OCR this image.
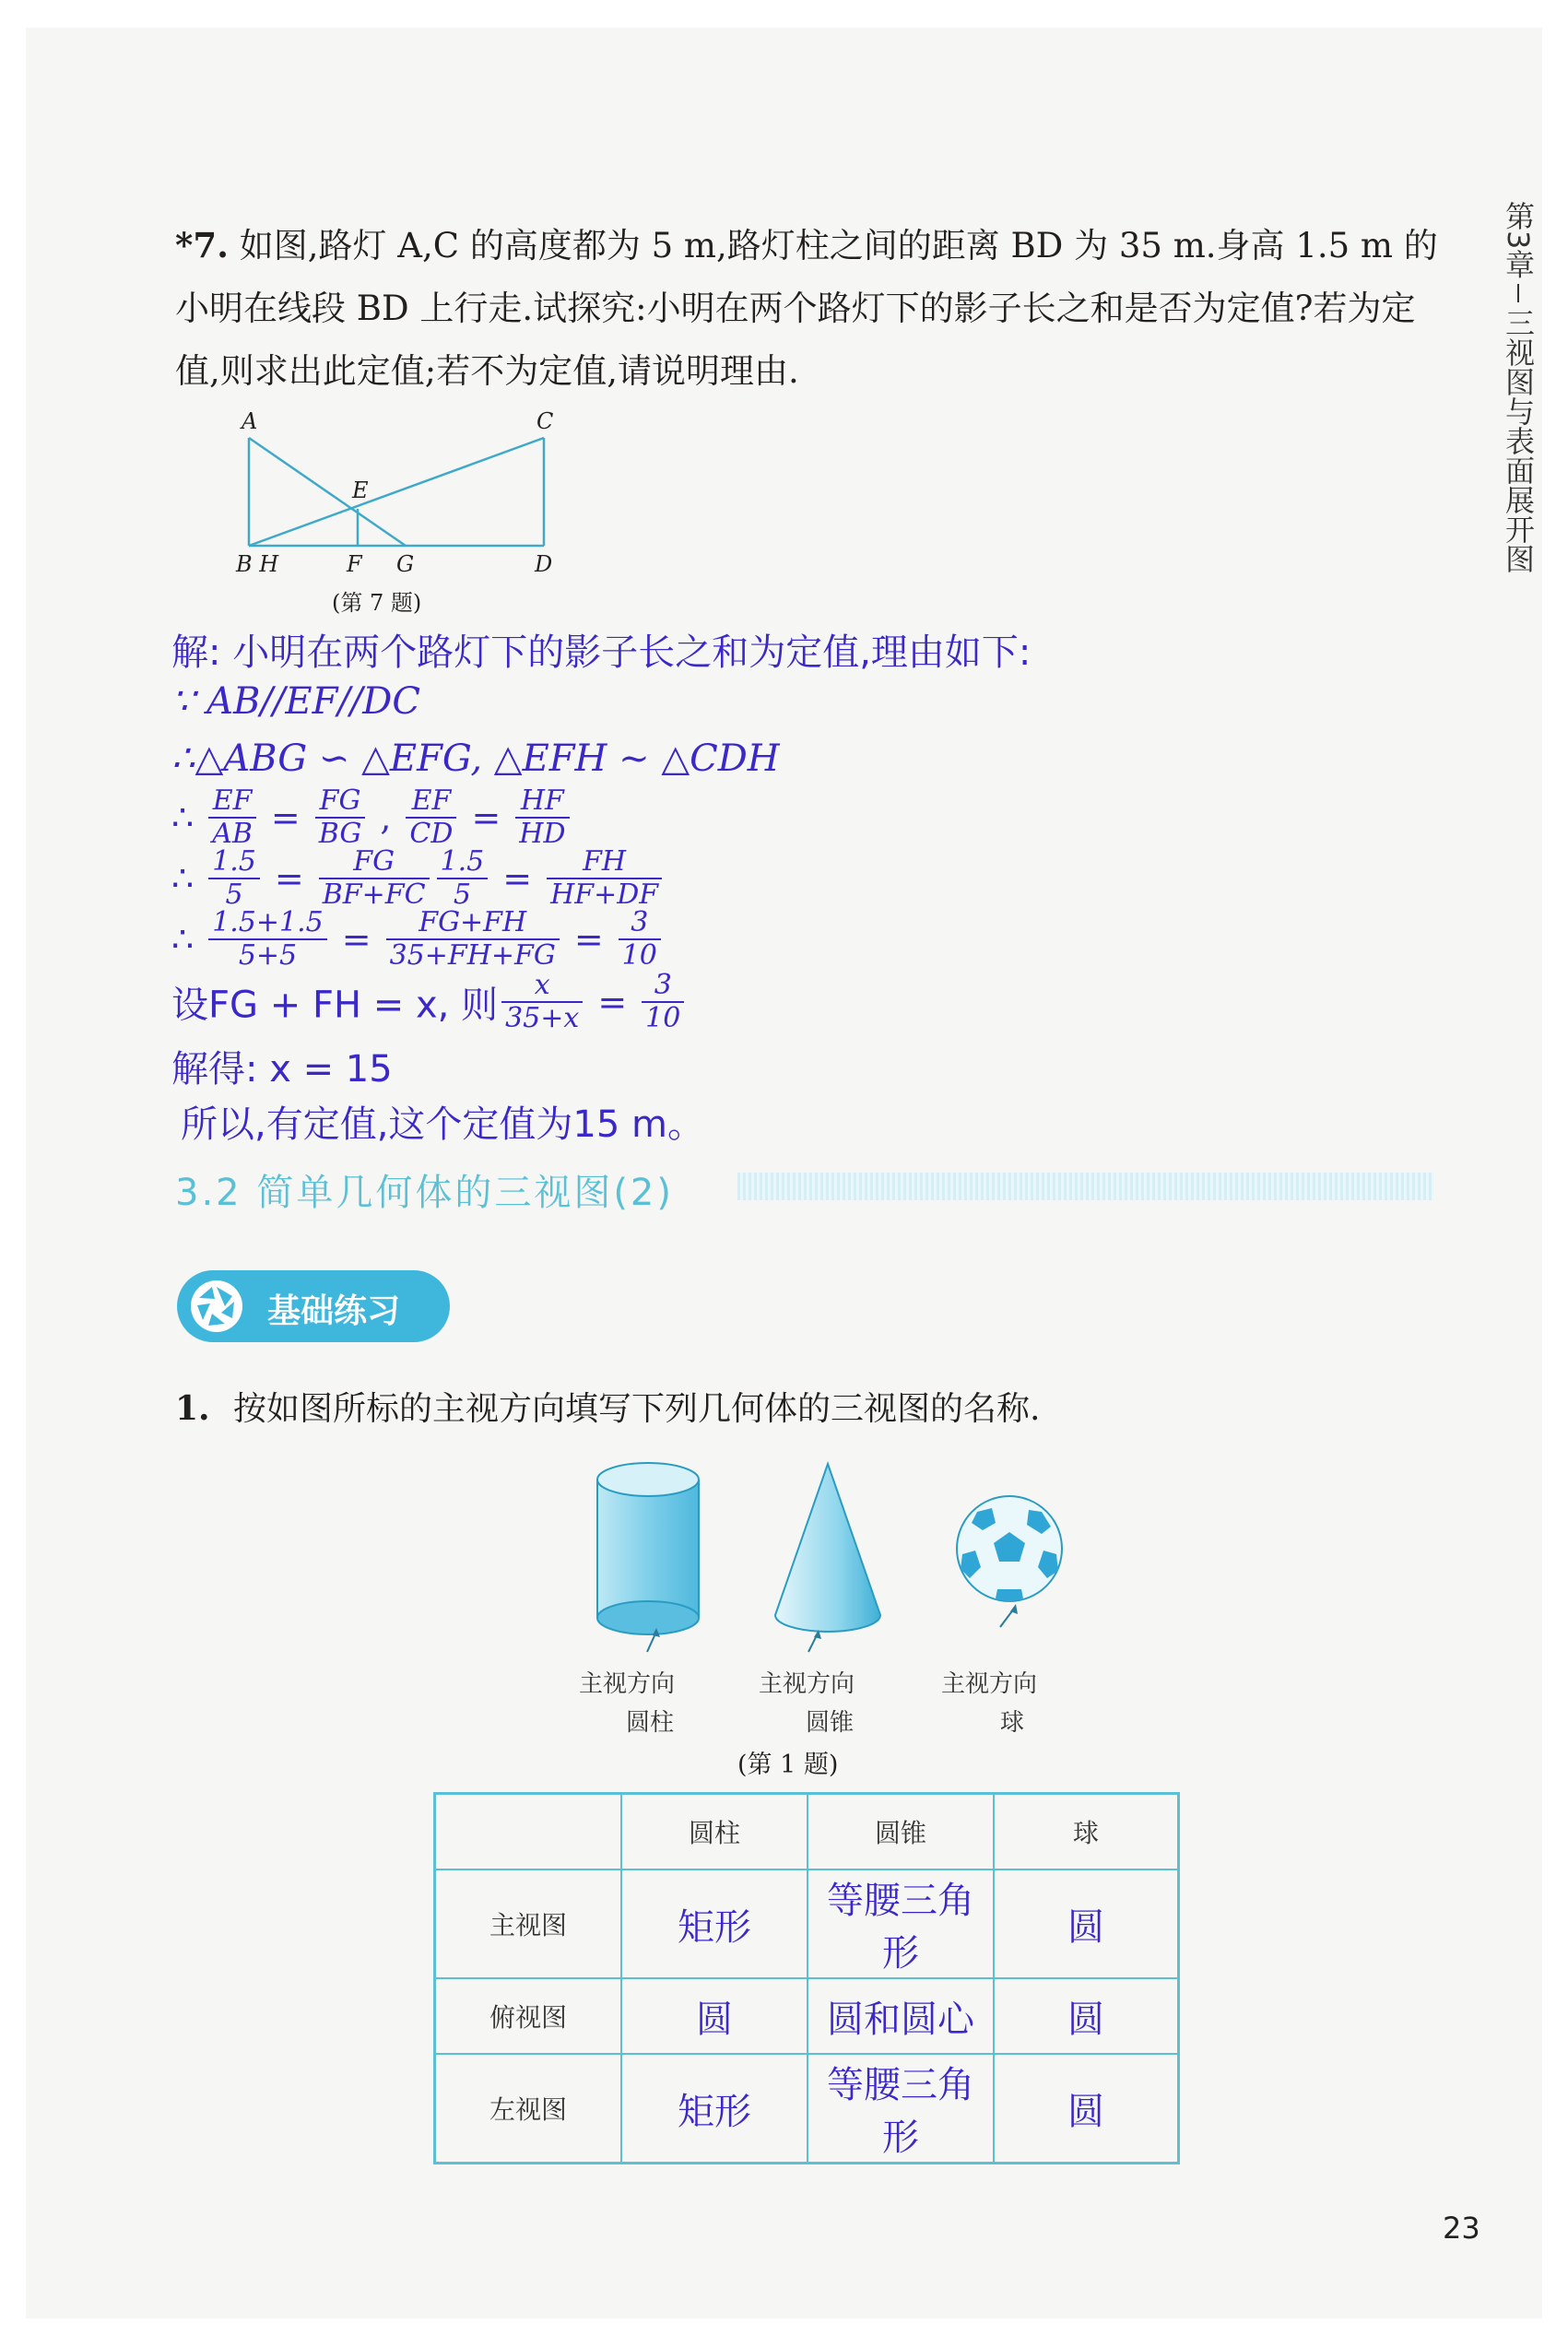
第3章
三视图与表面展开图
*7. 如图,路灯 A,C 的高度都为 5 m,路灯柱之间的距离 BD 为 35 m.身高 1.5 m 的小明在线段 BD 上行走.试探究:小明在两个路灯下的影子长之和是否为定值?若为定值,则求出此定值;若不为定值,请说明理由.
A	C
E
B H	F G	D
(第 7 题)
解: 小明在两个路灯下的影子长之和为定值,理由如下:
∵ AB//EF//DC
∴△ABG ∽ △EFG, △EFH ~ △CDH
∴ $\frac{EF}{AB} = \frac{FG}{BG}$ , $\frac{EF}{CD} = \frac{HF}{HD}$
∴ $\frac{1.5}{5} = \frac{FG}{BF+FC} \frac{1.5}{5} = \frac{FH}{HF+DF}$
∴ $\frac{1.5+1.5}{5+5} = \frac{FG+FH}{35+FH+FG} = \frac{3}{10}$
设FG + FH = x, 则 $\frac{x}{35+x} = \frac{3}{10}$
解得: x = 15
所以,有定值,这个定值为15 m。
3.2 简单几何体的三视图(2)
基础练习
1. 按如图所标的主视方向填写下列几何体的三视图的名称.
主视方向
圆柱
主视方向
圆锥
主视方向
球
(第 1 题)
	圆柱	圆锥	球
主视图	矩形	等腰三角形	圆
俯视图	圆	圆和圆心	圆
左视图	矩形	等腰三角形	圆
23
